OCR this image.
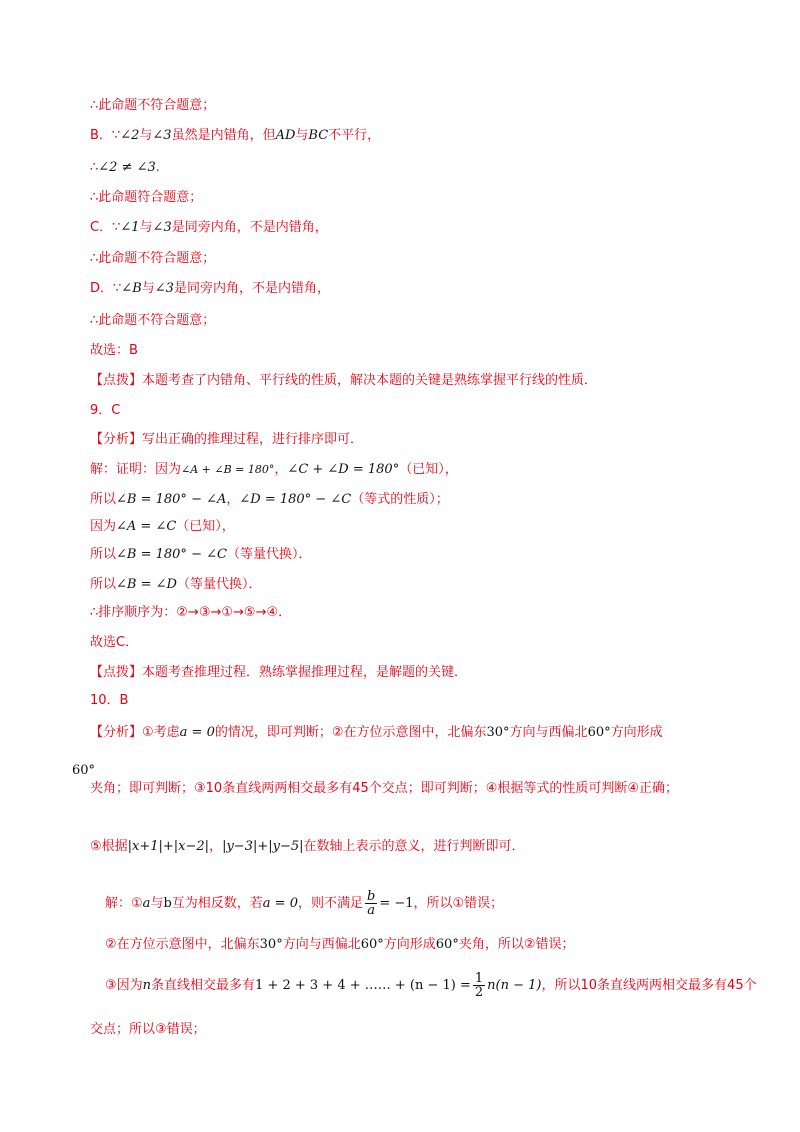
∴此命题不符合题意；
B．∵∠2与∠3虽然是内错角，但AD与BC不平行，
∴∠2 ≠ ∠3.
∴此命题符合题意；
C．∵∠1与∠3是同旁内角，不是内错角，
∴此命题不符合题意；
D．∵∠B与∠3是同旁内角，不是内错角，
∴此命题不符合题意；
故选：B
【点拨】本题考查了内错角、平行线的性质，解决本题的关键是熟练掌握平行线的性质．
9．C
【分析】写出正确的推理过程，进行排序即可．
解：证明：因为∠A + ∠B = 180°，∠C + ∠D = 180°（已知），
所以∠B = 180° − ∠A，∠D = 180° − ∠C（等式的性质）；
因为∠A = ∠C（已知），
所以∠B = 180° − ∠C（等量代换）．
所以∠B = ∠D（等量代换）．
∴排序顺序为：②→③→①→⑤→④．
故选C．
【点拨】本题考查推理过程．熟练掌握推理过程，是解题的关键．
10．B
【分析】①考虑a = 0的情况，即可判断；②在方位示意图中，北偏东30°方向与西偏北60°方向形成
60°
夹角；即可判断；③10条直线两两相交最多有45个交点；即可判断；④根据等式的性质可判断④正确；
⑤根据|x+1|+|x−2|，|y−3|+|y−5|在数轴上表示的意义，进行判断即可．
解：①a与b互为相反数，若a = 0，则不满足 $\frac{b}{a} = -1$，所以①错误；
②在方位示意图中，北偏东30°方向与西偏北60°方向形成60°夹角，所以②错误；
③因为n条直线相交最多有1 + 2 + 3 + 4 + …… + $(n - 1) = \frac{1}{2} n(n - 1)$，所以10条直线两两相交最多有45个
交点；所以③错误；
